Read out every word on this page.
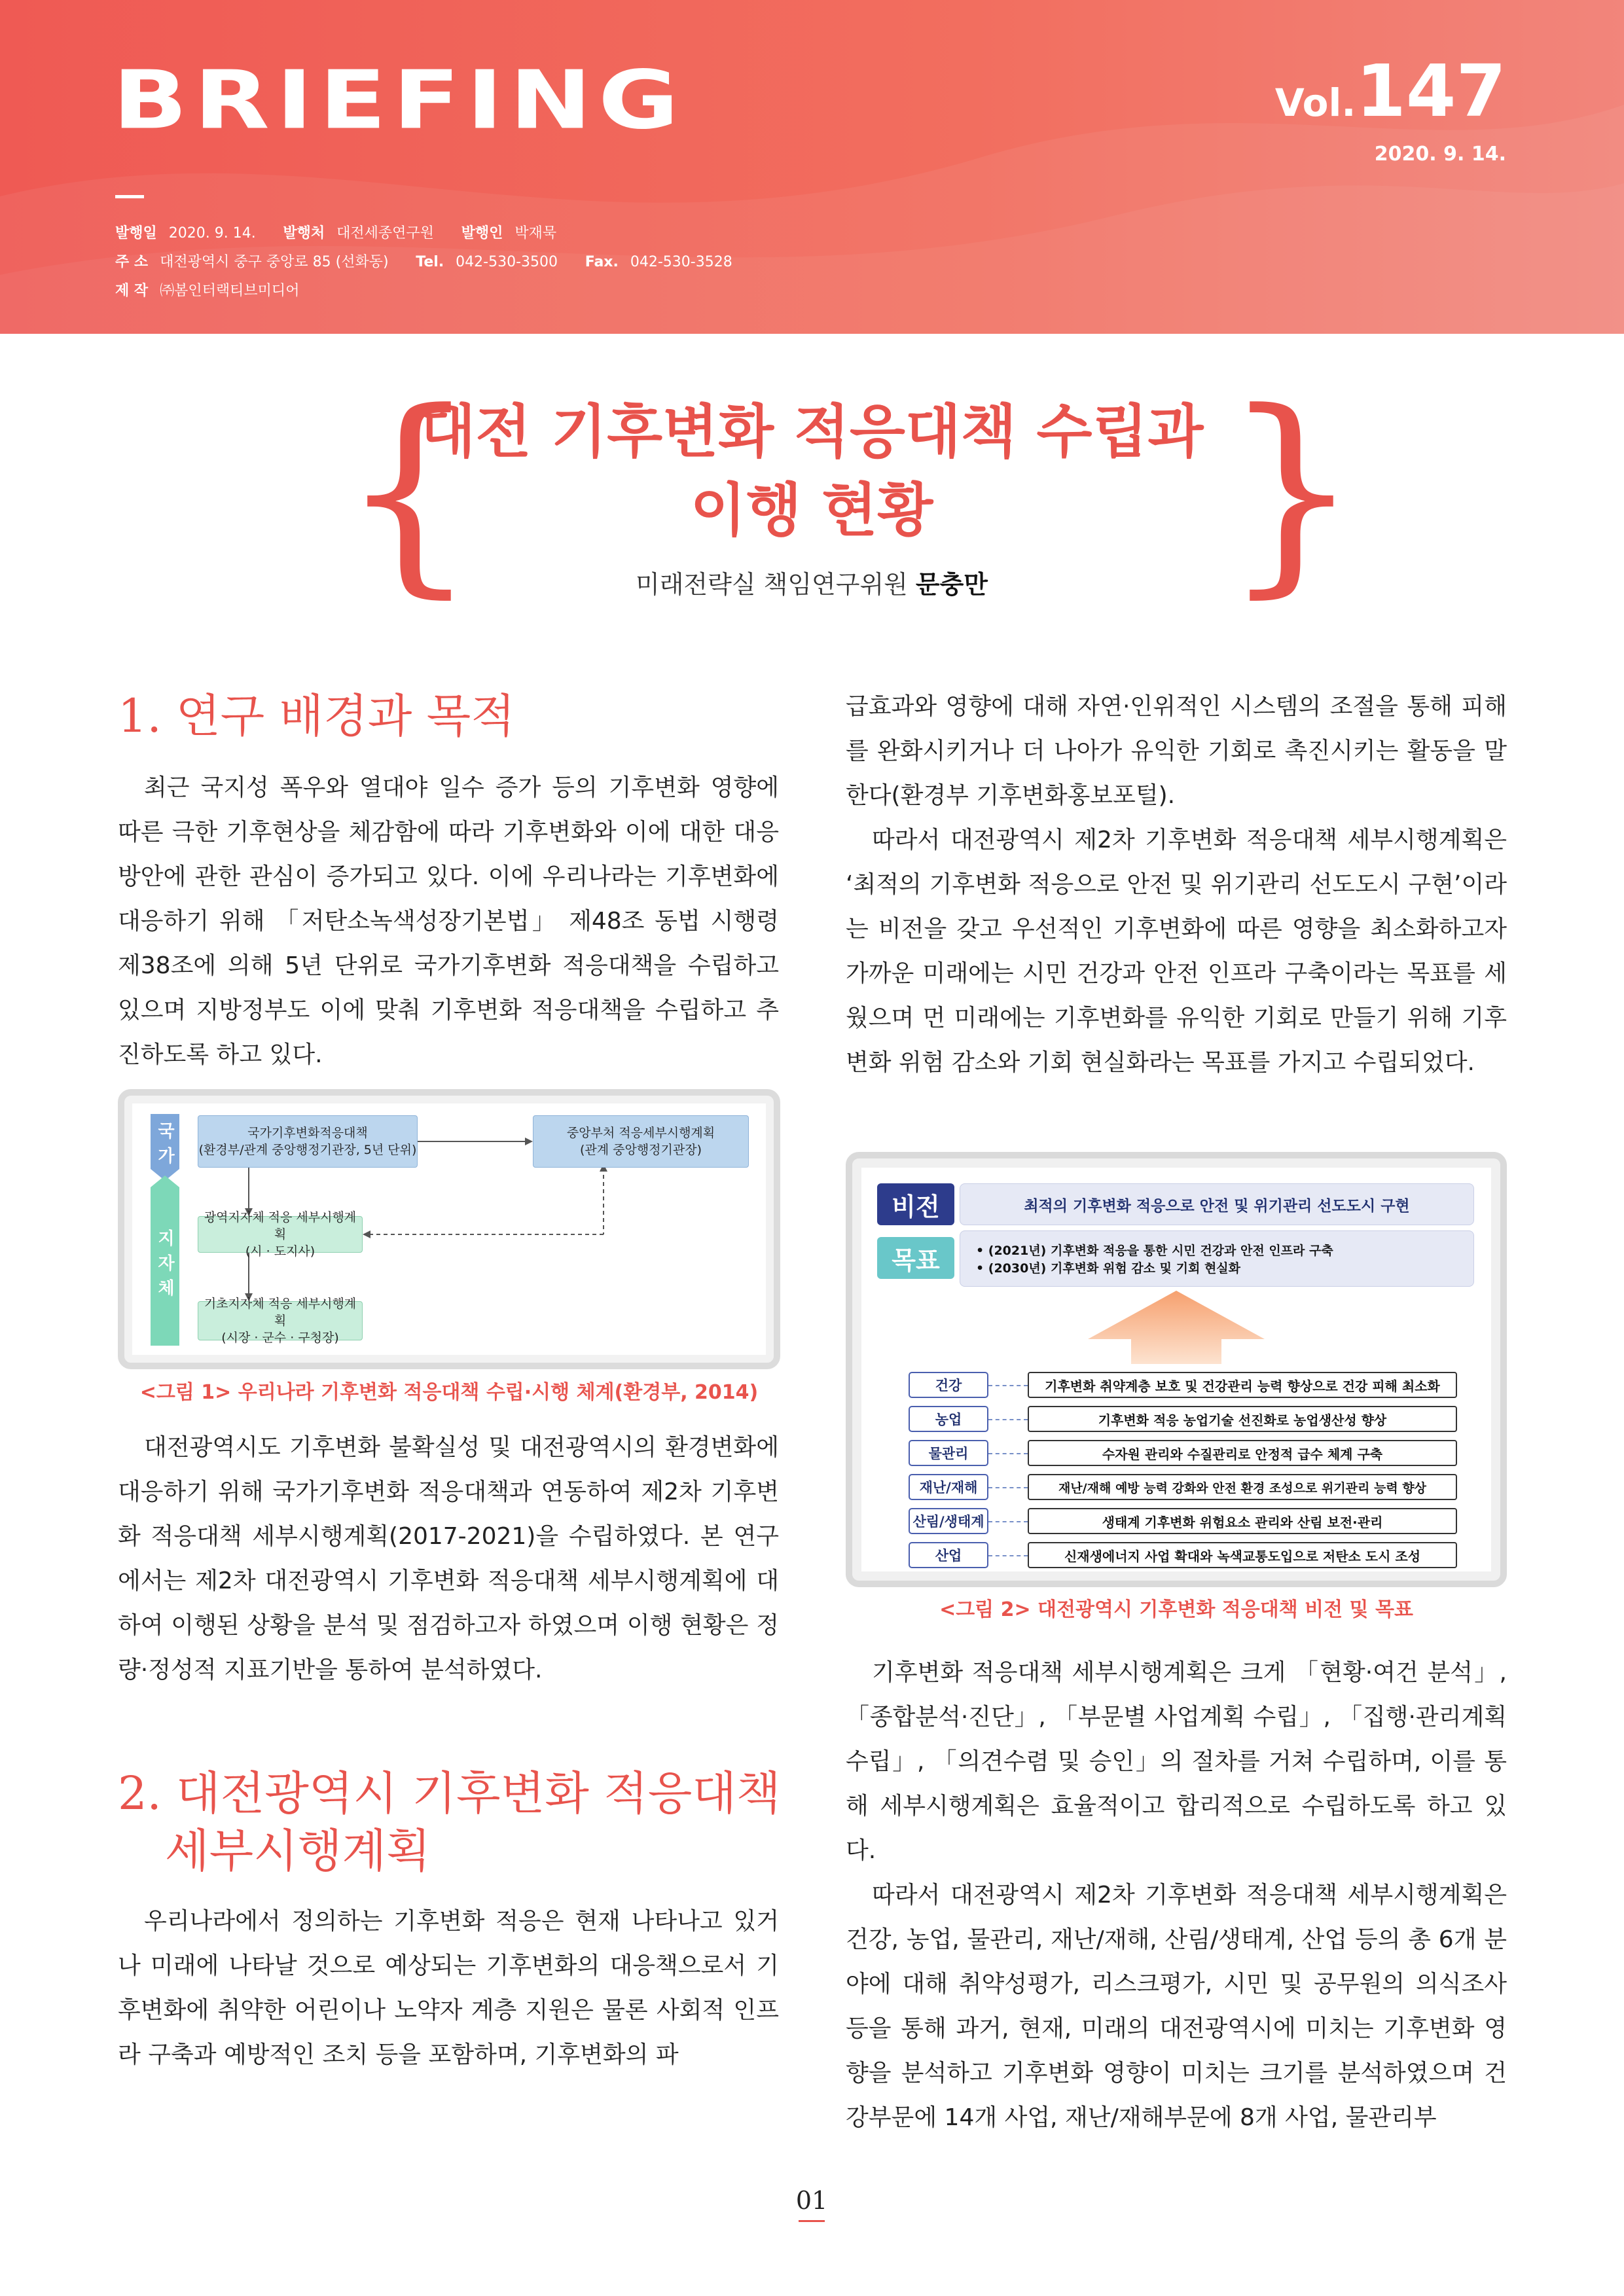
BRIEFING	Vol.147
2020. 9. 14.
발행일 2020. 9. 14. 발행처 대전세종연구원 발행인 박재묵
주 소 대전광역시 중구 중앙로 85 (선화동) Tel. 042-530-3500 Fax. 042-530-3528
제 작 ㈜봄인터랙티브미디어
{	}
대전 기후변화 적응대책 수립과
이행 현황
미래전략실 책임연구위원 문충만
1. 연구 배경과 목적

최근 국지성 폭우와 열대야 일수 증가 등의 기후변화 영향에 따른 극한 기후현상을 체감함에 따라 기후변화와 이에 대한 대응 방안에 관한 관심이 증가되고 있다. 이에 우리나라는 기후변화에 대응하기 위해 「저탄소녹색성장기본법」 제48조 동법 시행령 제38조에 의해 5년 단위로 국가기후변화 적응대책을 수립하고 있으며 지방정부도 이에 맞춰 기후변화 적응대책을 수립하고 추진하도록 하고 있다.

국가
지자체
국가기후변화적응대책
(환경부/관계 중앙행정기관장, 5년 단위)
중앙부처 적응세부시행계획
(관계 중앙행정기관장)
광역지자체 적응 세부시행계획
(시 · 도지사)
기초지자체 적응 세부시행계획
(시장 · 군수 · 구청장)
<그림 1> 우리나라 기후변화 적응대책 수립·시행 체계(환경부, 2014)

대전광역시도 기후변화 불확실성 및 대전광역시의 환경변화에 대응하기 위해 국가기후변화 적응대책과 연동하여 제2차 기후변화 적응대책 세부시행계획(2017-2021)을 수립하였다. 본 연구에서는 제2차 대전광역시 기후변화 적응대책 세부시행계획에 대하여 이행된 상황을 분석 및 점검하고자 하였으며 이행 현황은 정량·정성적 지표기반을 통하여 분석하였다.

2. 대전광역시 기후변화 적응대책
세부시행계획

우리나라에서 정의하는 기후변화 적응은 현재 나타나고 있거나 미래에 나타날 것으로 예상되는 기후변화의 대응책으로서 기후변화에 취약한 어린이나 노약자 계층 지원은 물론 사회적 인프라 구축과 예방적인 조치 등을 포함하며, 기후변화의 파

급효과와 영향에 대해 자연·인위적인 시스템의 조절을 통해 피해를 완화시키거나 더 나아가 유익한 기회로 촉진시키는 활동을 말한다(환경부 기후변화홍보포털).

따라서 대전광역시 제2차 기후변화 적응대책 세부시행계획은 ‘최적의 기후변화 적응으로 안전 및 위기관리 선도도시 구현’이라는 비전을 갖고 우선적인 기후변화에 따른 영향을 최소화하고자 가까운 미래에는 시민 건강과 안전 인프라 구축이라는 목표를 세웠으며 먼 미래에는 기후변화를 유익한 기회로 만들기 위해 기후변화 위험 감소와 기회 현실화라는 목표를 가지고 수립되었다.

비전	최적의 기후변화 적응으로 안전 및 위기관리 선도도시 구현
목표	• (2021년) 기후변화 적응을 통한 시민 건강과 안전 인프라 구축
• (2030년) 기후변화 위험 감소 및 기회 현실화
건강	기후변화 취약계층 보호 및 건강관리 능력 향상으로 건강 피해 최소화
농업	기후변화 적응 농업기술 선진화로 농업생산성 향상
물관리	수자원 관리와 수질관리로 안정적 급수 체계 구축
재난/재해	재난/재해 예방 능력 강화와 안전 환경 조성으로 위기관리 능력 향상
산림/생태계	생태계 기후변화 위험요소 관리와 산림 보전·관리
산업	신재생에너지 사업 확대와 녹색교통도입으로 저탄소 도시 조성
<그림 2> 대전광역시 기후변화 적응대책 비전 및 목표

기후변화 적응대책 세부시행계획은 크게 「현황·여건 분석」, 「종합분석·진단」, 「부문별 사업계획 수립」, 「집행·관리계획 수립」, 「의견수렴 및 승인」의 절차를 거쳐 수립하며, 이를 통해 세부시행계획은 효율적이고 합리적으로 수립하도록 하고 있다.

따라서 대전광역시 제2차 기후변화 적응대책 세부시행계획은 건강, 농업, 물관리, 재난/재해, 산림/생태계, 산업 등의 총 6개 분야에 대해 취약성평가, 리스크평가, 시민 및 공무원의 의식조사 등을 통해 과거, 현재, 미래의 대전광역시에 미치는 기후변화 영향을 분석하고 기후변화 영향이 미치는 크기를 분석하였으며 건강부문에 14개 사업, 재난/재해부문에 8개 사업, 물관리부

01
